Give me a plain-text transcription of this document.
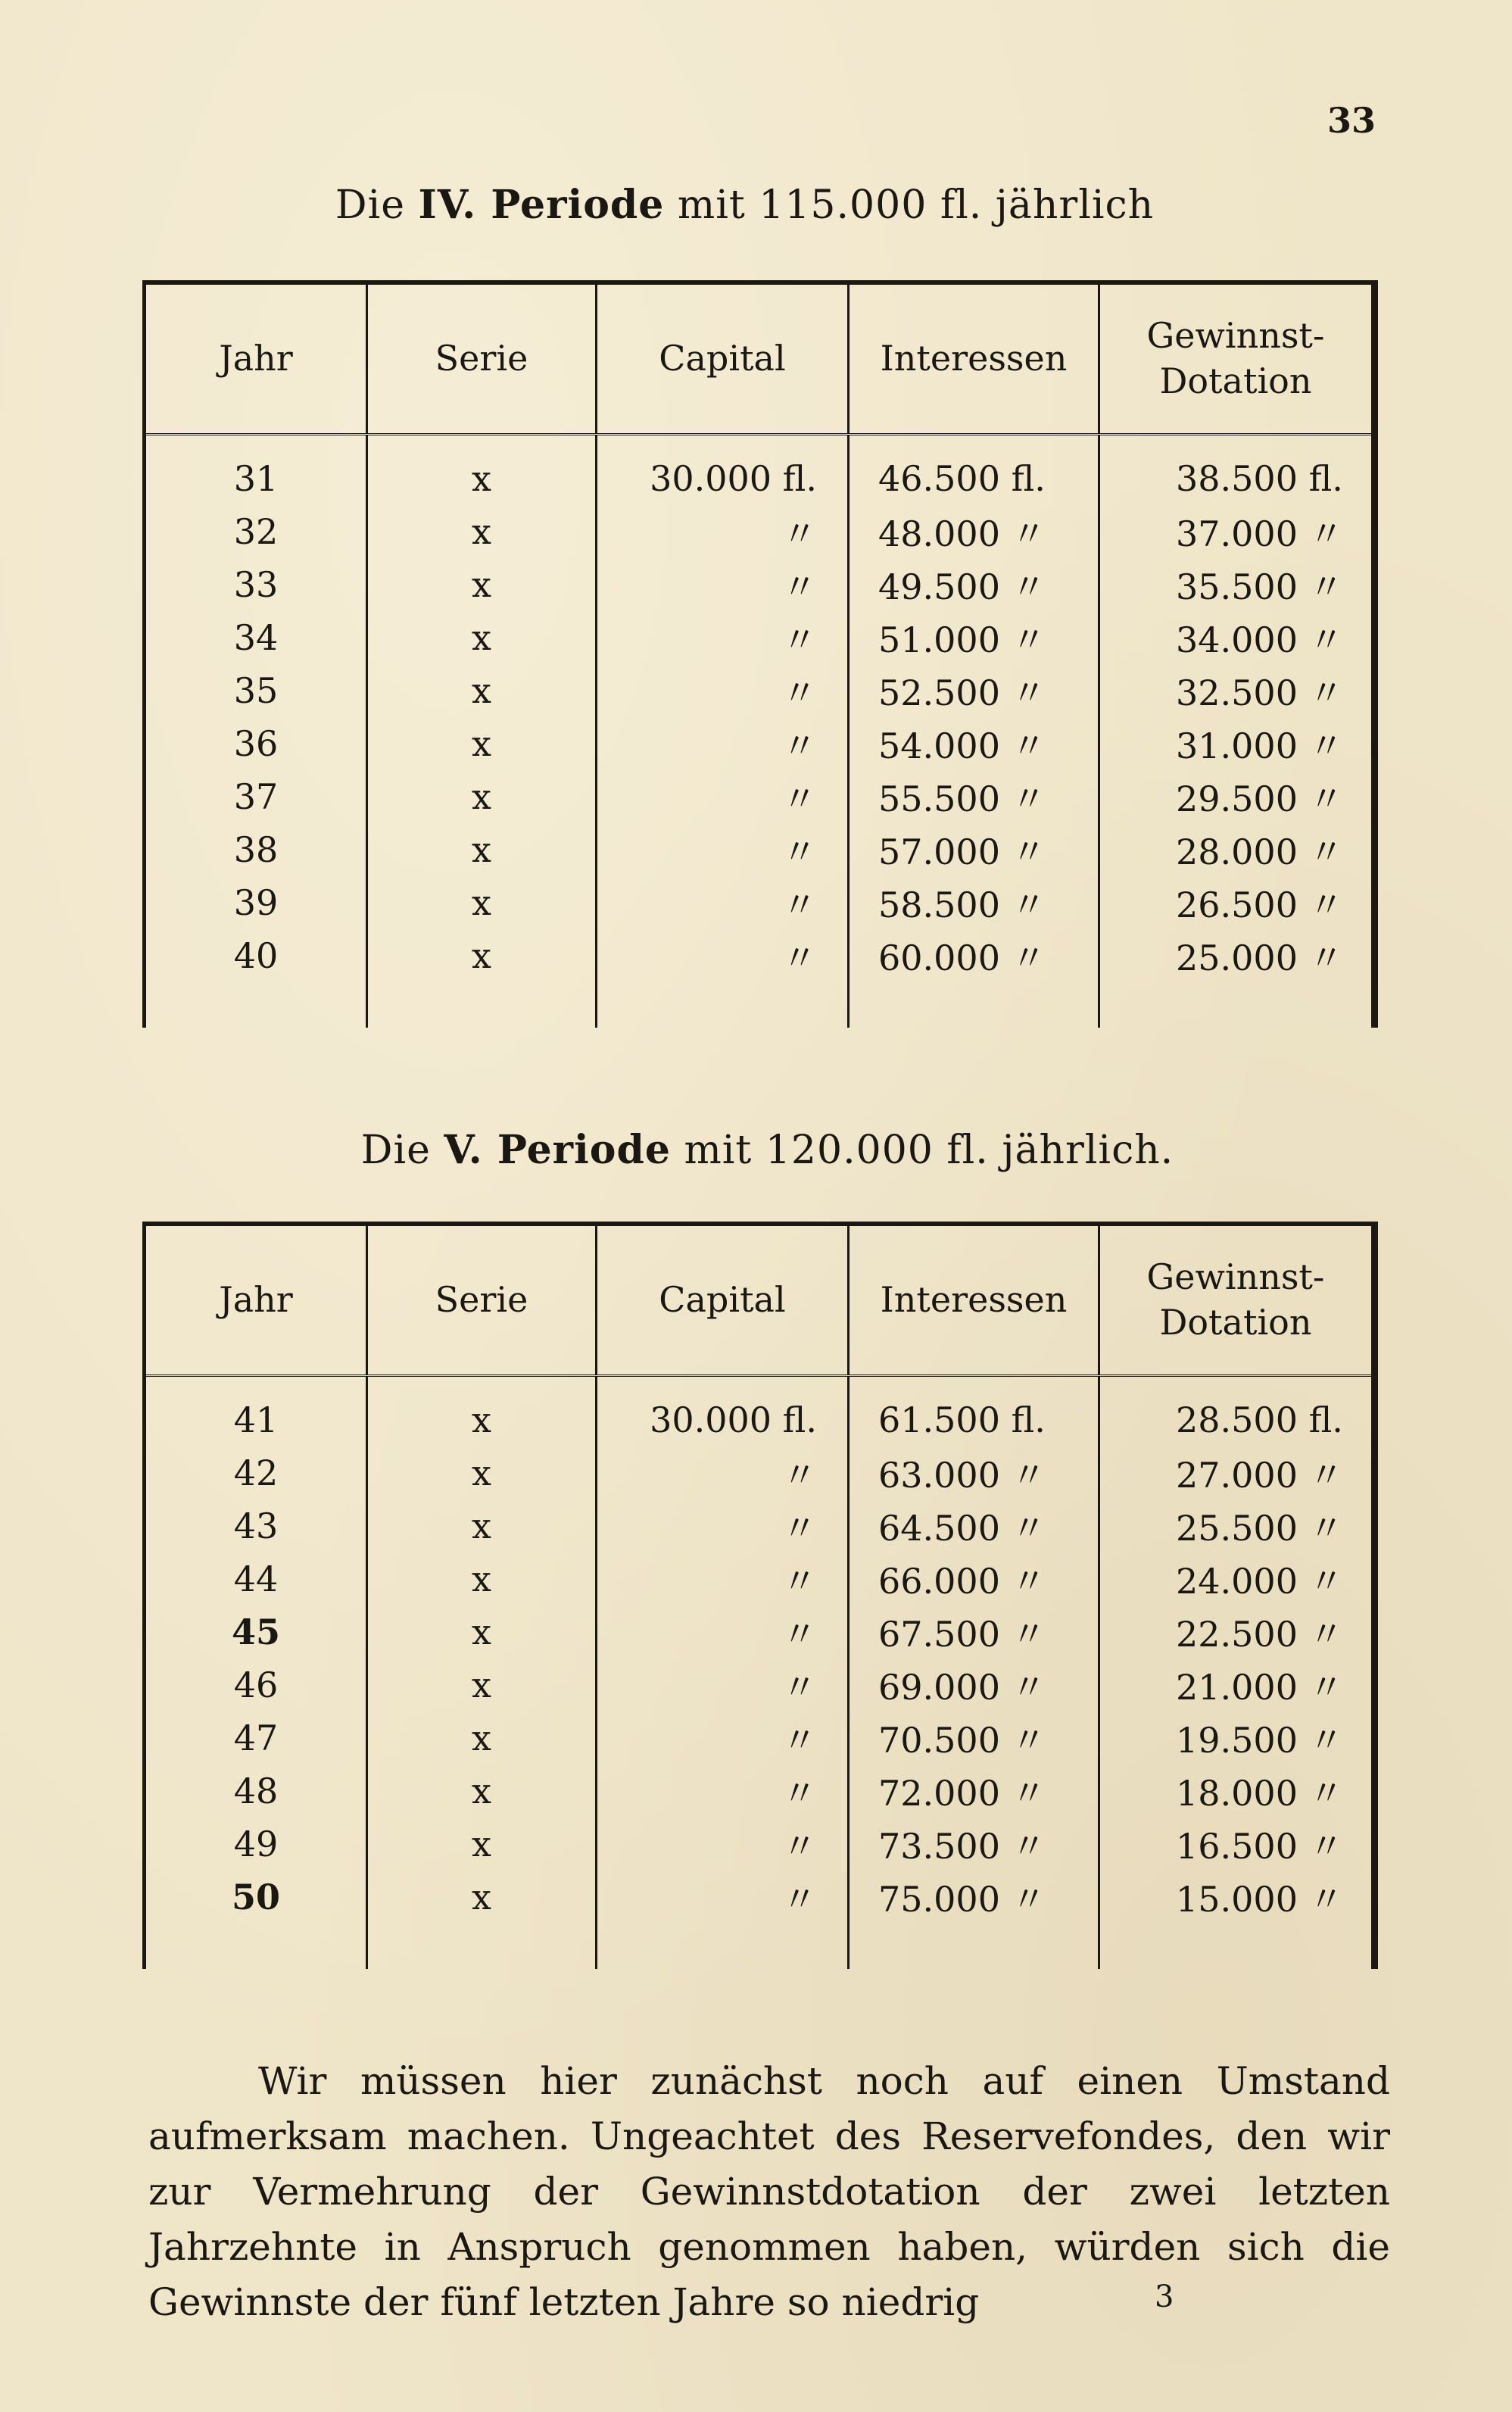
33
Die IV. Periode mit 115.000 fl. jährlich
Jahr	Serie	Capital	Interessen	Gewinnst-
Dotation
31	x	30.000 fl.	46.500 fl.	38.500 fl.
32	x	〃	48.000 〃	37.000 〃
33	x	〃	49.500 〃	35.500 〃
34	x	〃	51.000 〃	34.000 〃
35	x	〃	52.500 〃	32.500 〃
36	x	〃	54.000 〃	31.000 〃
37	x	〃	55.500 〃	29.500 〃
38	x	〃	57.000 〃	28.000 〃
39	x	〃	58.500 〃	26.500 〃
40	x	〃	60.000 〃	25.000 〃

Die V. Periode mit 120.000 fl. jährlich.
Jahr	Serie	Capital	Interessen	Gewinnst-
Dotation
41	x	30.000 fl.	61.500 fl.	28.500 fl.
42	x	〃	63.000 〃	27.000 〃
43	x	〃	64.500 〃	25.500 〃
44	x	〃	66.000 〃	24.000 〃
45	x	〃	67.500 〃	22.500 〃
46	x	〃	69.000 〃	21.000 〃
47	x	〃	70.500 〃	19.500 〃
48	x	〃	72.000 〃	18.000 〃
49	x	〃	73.500 〃	16.500 〃
50	x	〃	75.000 〃	15.000 〃

Wir müssen hier zunächst noch auf einen Umstand aufmerksam machen. Ungeachtet des Reservefondes, den wir zur Vermehrung der Gewinnstdotation der zwei letzten Jahrzehnte in Anspruch genommen haben, würden sich die Gewinnste der fünf letzten Jahre so niedrig	3
